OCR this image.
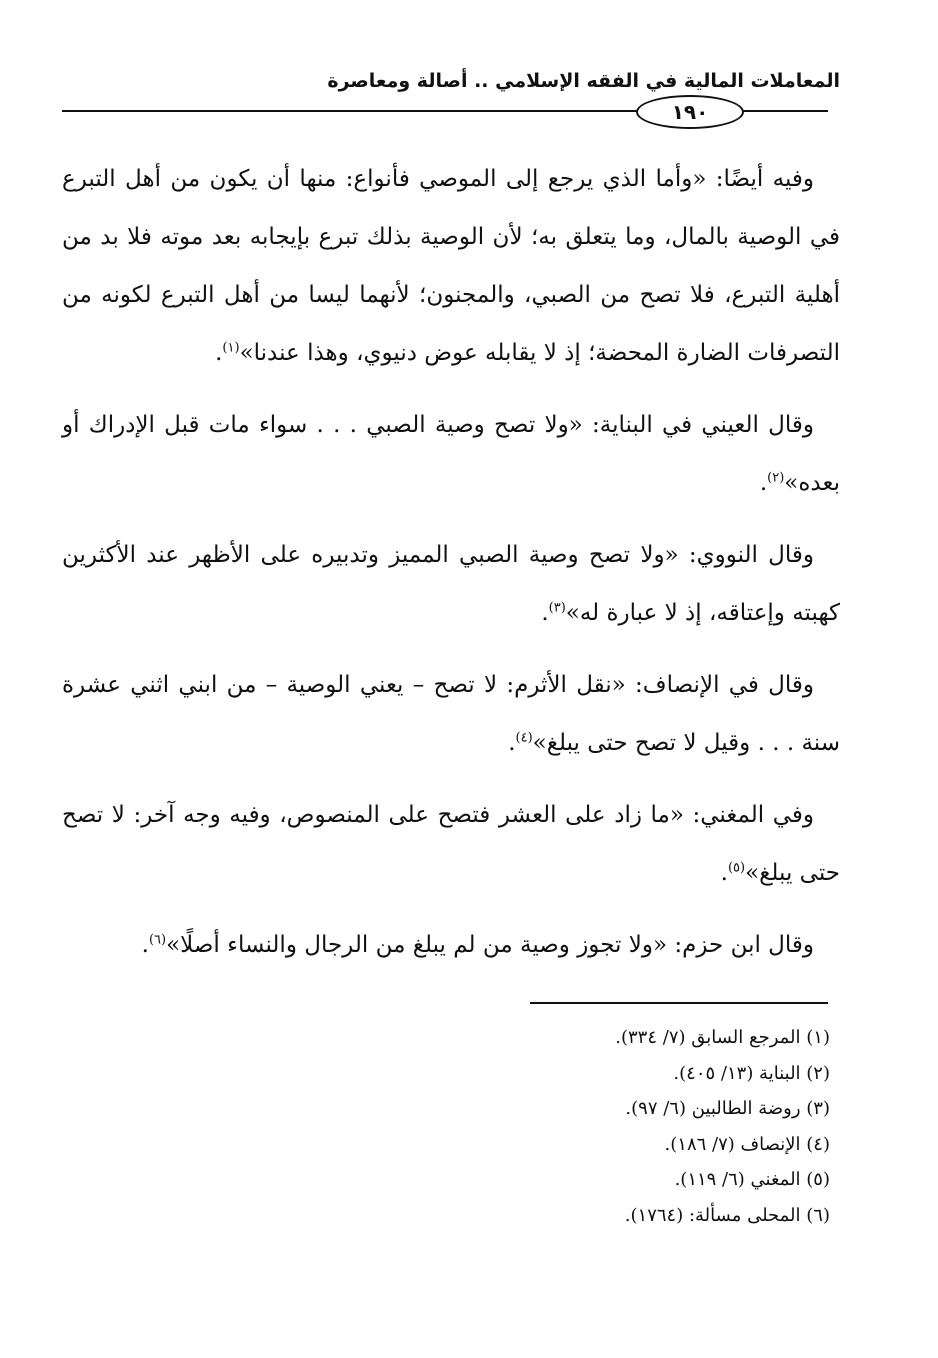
المعاملات المالية في الفقه الإسلامي .. أصالة ومعاصرة
١٩٠

وفيه أيضًا: «وأما الذي يرجع إلى الموصي فأنواع: منها أن يكون من أهل التبرع في الوصية بالمال، وما يتعلق به؛ لأن الوصية بذلك تبرع بإيجابه بعد موته فلا بد من أهلية التبرع، فلا تصح من الصبي، والمجنون؛ لأنهما ليسا من أهل التبرع لكونه من التصرفات الضارة المحضة؛ إذ لا يقابله عوض دنيوي، وهذا عندنا»$^{(١)}$.

وقال العيني في البناية: «ولا تصح وصية الصبي . . . سواء مات قبل الإدراك أو بعده»$^{(٢)}$.

وقال النووي: «ولا تصح وصية الصبي المميز وتدبيره على الأظهر عند الأكثرين كهبته وإعتاقه، إذ لا عبارة له»$^{(٣)}$.

وقال في الإنصاف: «نقل الأثرم: لا تصح – يعني الوصية – من ابني اثني عشرة سنة . . . وقيل لا تصح حتى يبلغ»$^{(٤)}$.

وفي المغني: «ما زاد على العشر فتصح على المنصوص، وفيه وجه آخر: لا تصح حتى يبلغ»$^{(٥)}$.

وقال ابن حزم: «ولا تجوز وصية من لم يبلغ من الرجال والنساء أصلًا»$^{(٦)}$.

(١) المرجع السابق (٧/ ٣٣٤).
(٢) البناية (١٣/ ٤٠٥).
(٣) روضة الطالبين (٦/ ٩٧).
(٤) الإنصاف (٧/ ١٨٦).
(٥) المغني (٦/ ١١٩).
(٦) المحلى مسألة: (١٧٦٤).
